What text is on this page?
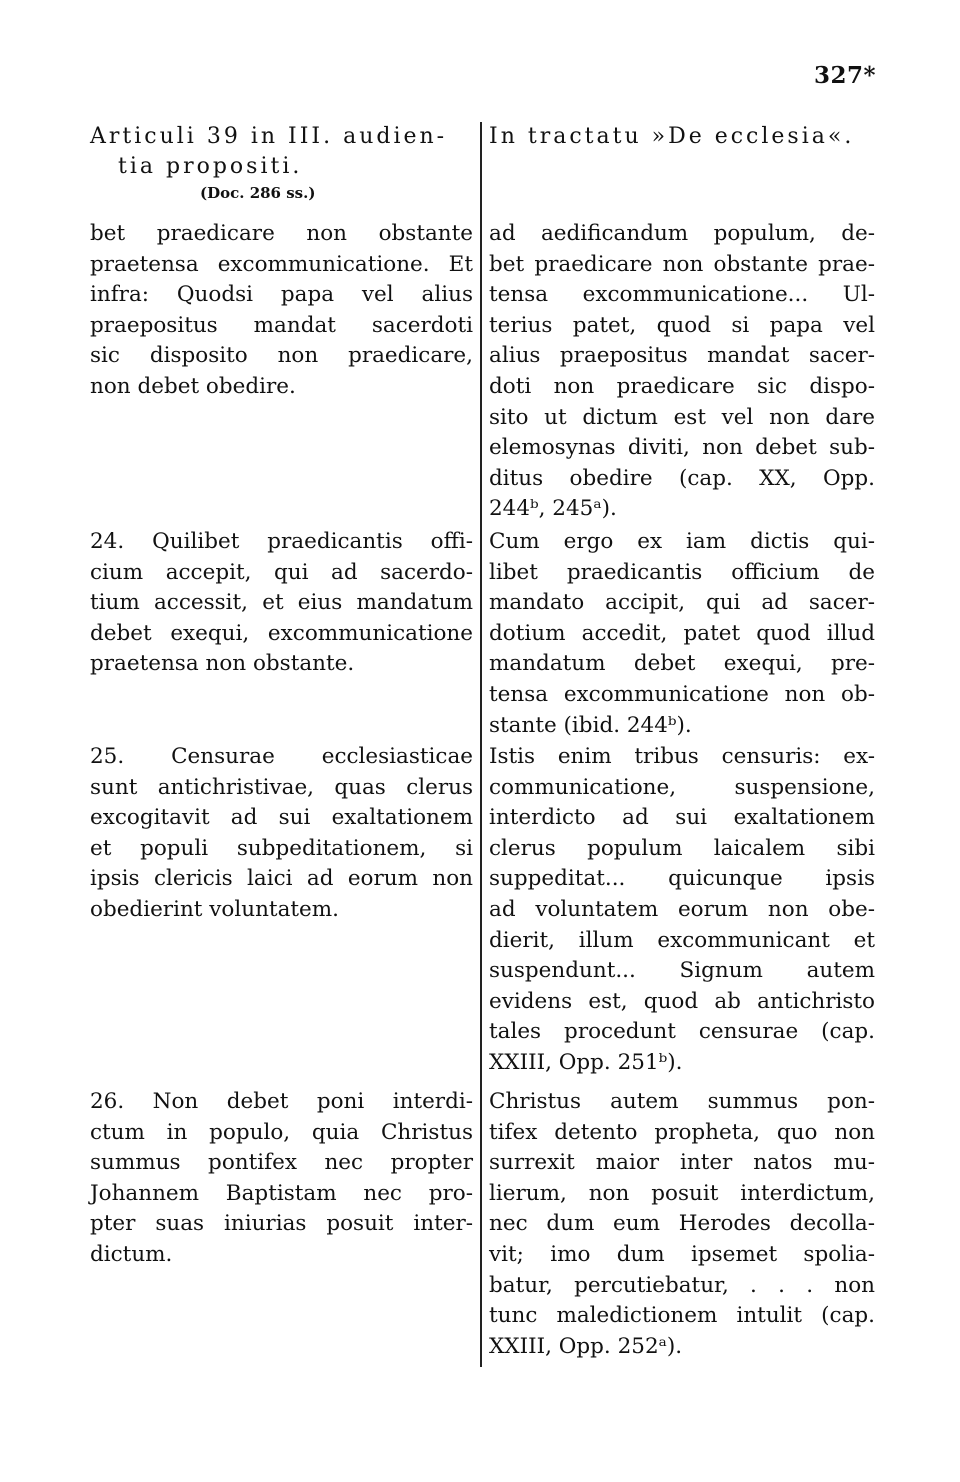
327*

Articuli 39 in III. audien-

tia propositi.

(Doc. 286 ss.)

bet praedicare non obstante
praetensa excommunicatione. Et
infra: Quodsi papa vel alius
praepositus mandat sacerdoti
sic disposito non praedicare,
non debet obedire.

24. Quilibet praedicantis offi-
cium accepit, qui ad sacerdo-
tium accessit, et eius mandatum
debet exequi, excommunicatione
praetensa non obstante.

25. Censurae ecclesiasticae
sunt antichristivae, quas clerus
excogitavit ad sui exaltationem
et populi subpeditationem, si
ipsis clericis laici ad eorum non
obedierint voluntatem.

26. Non debet poni interdi-
ctum in populo, quia Christus
summus pontifex nec propter
Johannem Baptistam nec pro-
pter suas iniurias posuit inter-
dictum.

In tractatu »De ecclesia«.

ad aedificandum populum, de-
bet praedicare non obstante prae-
tensa excommunicatione... Ul-
terius patet, quod si papa vel
alius praepositus mandat sacer-
doti non praedicare sic dispo-
sito ut dictum est vel non dare
elemosynas diviti, non debet sub-
ditus obedire (cap. XX, Opp.
244ᵇ, 245ᵃ).

Cum ergo ex iam dictis qui-
libet praedicantis officium de
mandato accipit, qui ad sacer-
dotium accedit, patet quod illud
mandatum debet exequi, pre-
tensa excommunicatione non ob-
stante (ibid. 244ᵇ).

Istis enim tribus censuris: ex-
communicatione, suspensione,
interdicto ad sui exaltationem
clerus populum laicalem sibi
suppeditat... quicunque ipsis
ad voluntatem eorum non obe-
dierit, illum excommunicant et
suspendunt... Signum autem
evidens est, quod ab antichristo
tales procedunt censurae (cap.
XXIII, Opp. 251ᵇ).

Christus autem summus pon-
tifex detento propheta, quo non
surrexit maior inter natos mu-
lierum, non posuit interdictum,
nec dum eum Herodes decolla-
vit; imo dum ipsemet spolia-
batur, percutiebatur, . . . non
tunc maledictionem intulit (cap.
XXIII, Opp. 252ᵃ).
